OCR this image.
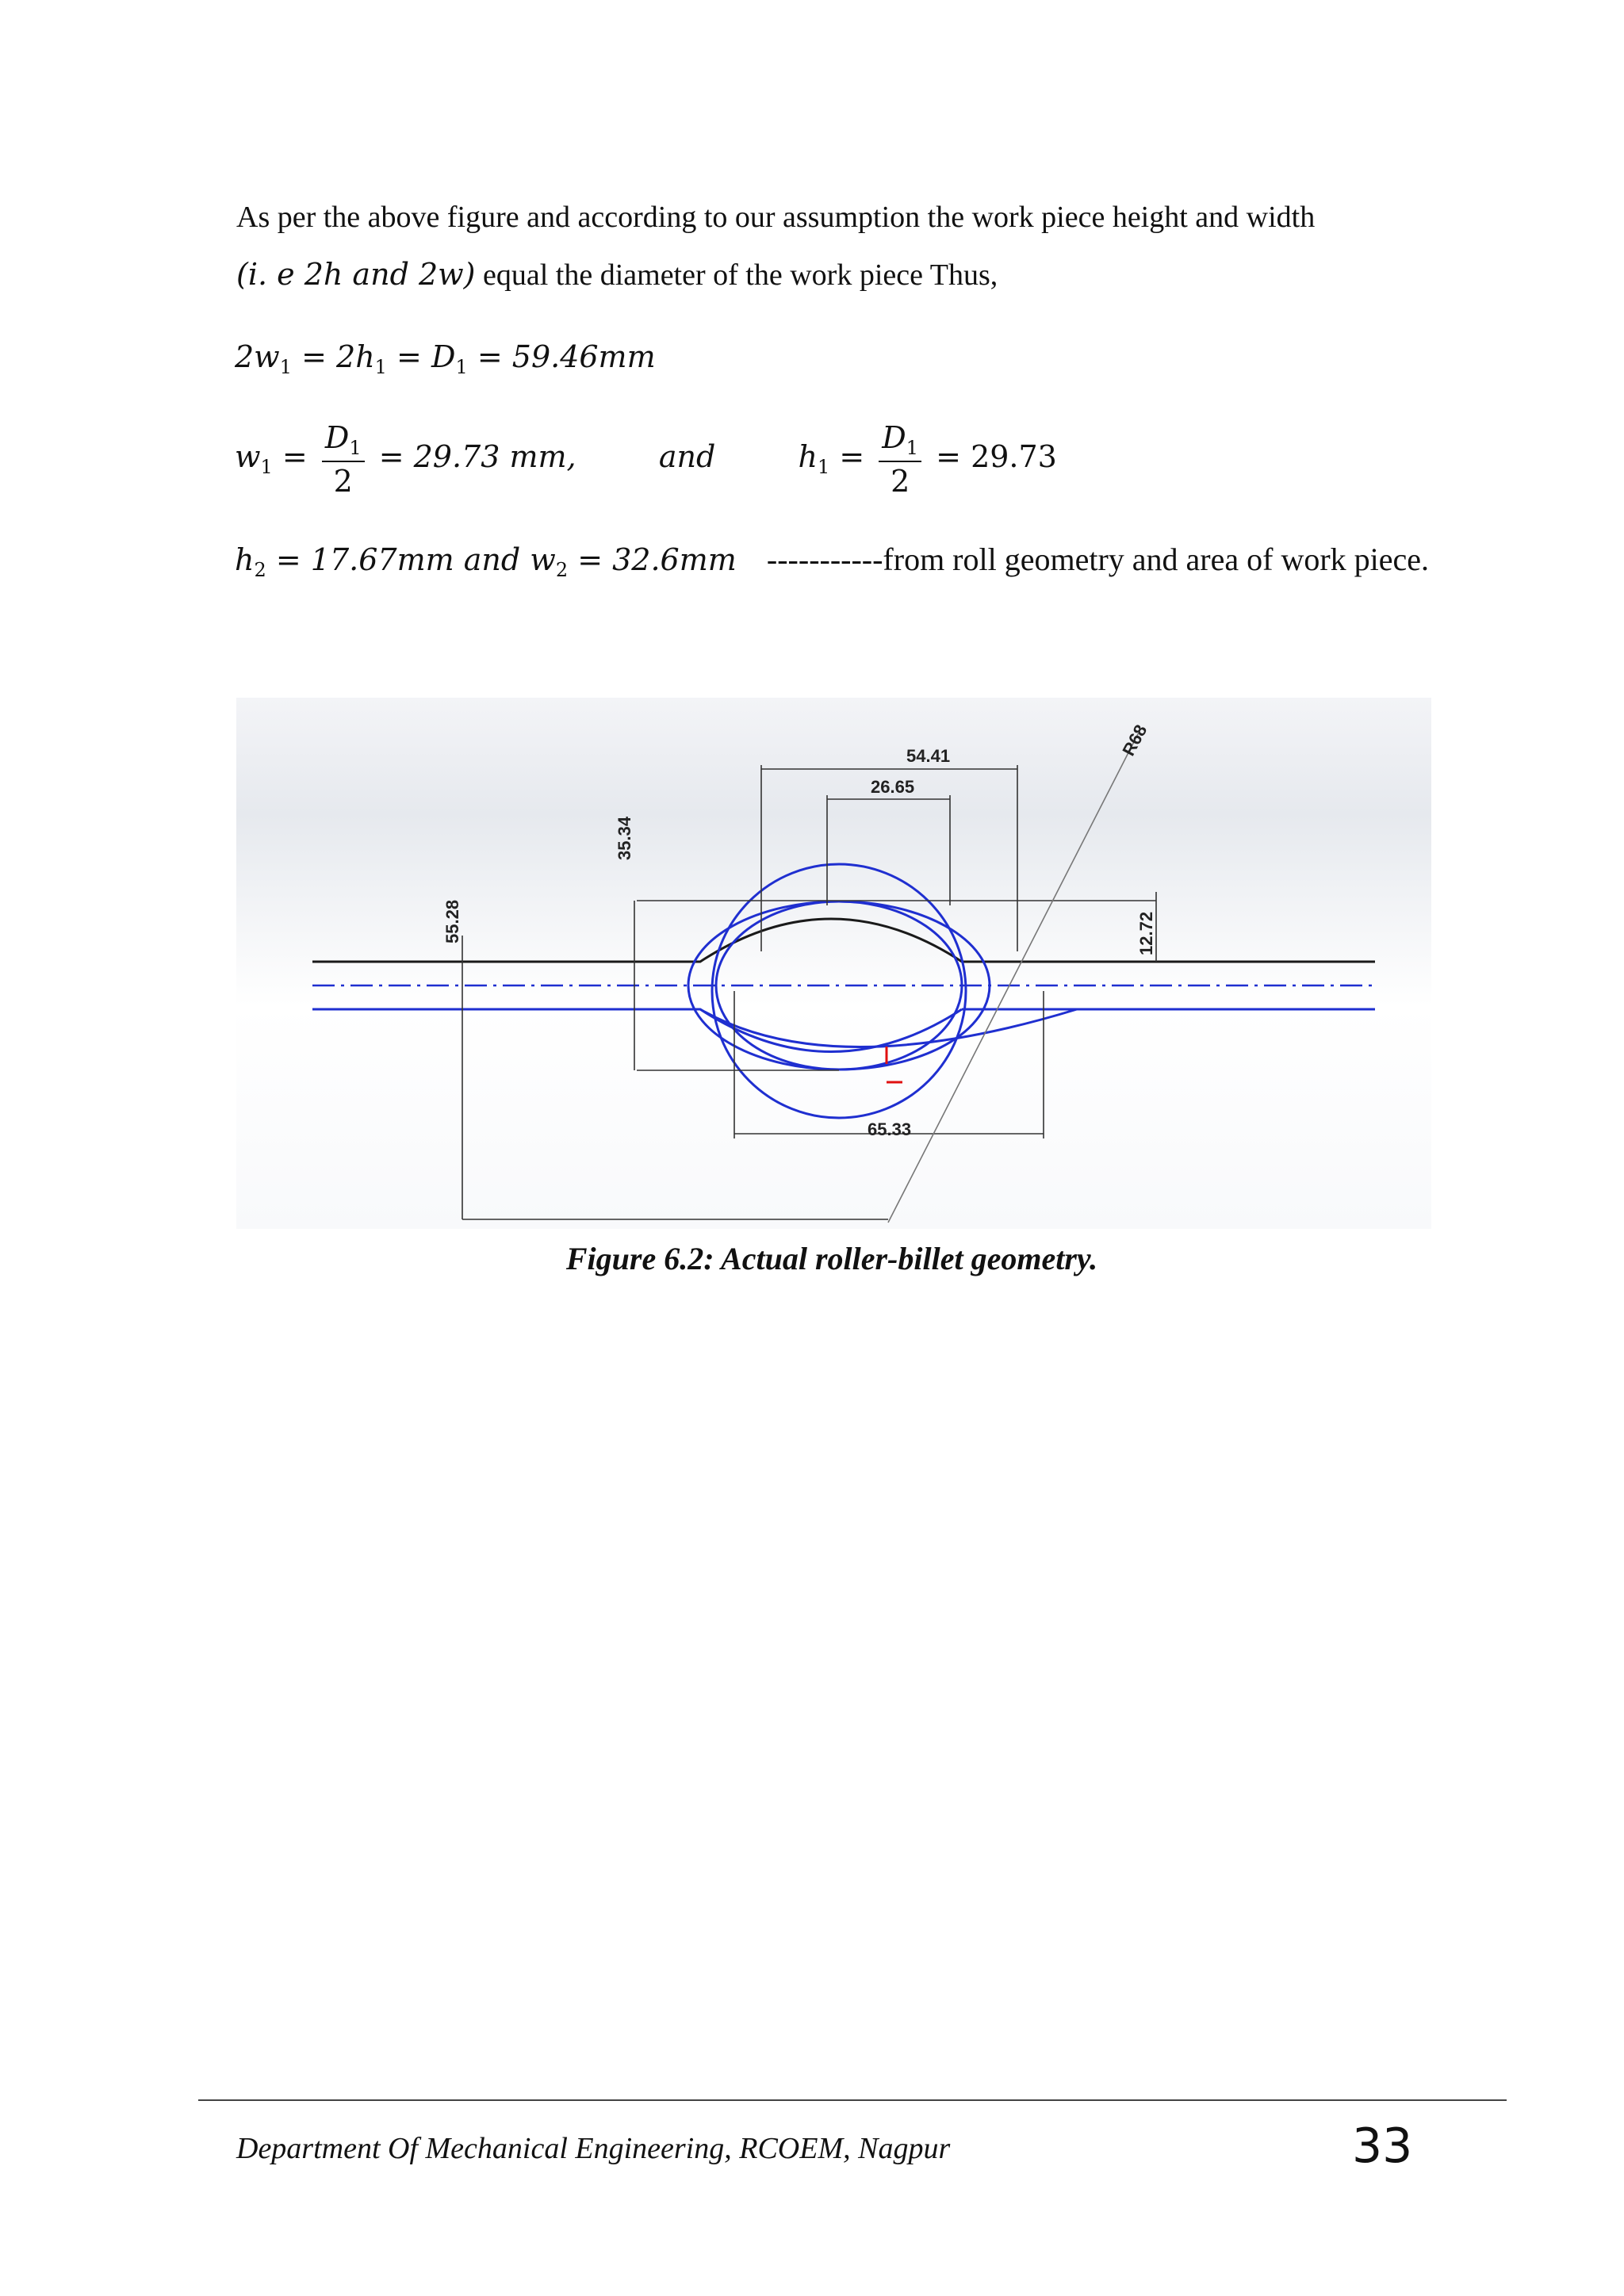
As per the above figure and according to our assumption the work piece height and width
(i. e 2h and 2w) equal the diameter of the work piece Thus,
$2w_1 = 2h_1 = D_1 = 59.46mm$
$w_1 = \frac{D_1}{2} = 29.73$ mm,	and	$h_1 = \frac{D_1}{2} = 29.73$
$h_2 = 17.67mm$ and $w_2 = 32.6mm$ -----------from roll geometry and area of work piece.
54.41
26.65
35.34
55.28	12.72
65.33
R68
Figure 6.2: Actual roller-billet geometry.
Department Of Mechanical Engineering, RCOEM, Nagpur	33
